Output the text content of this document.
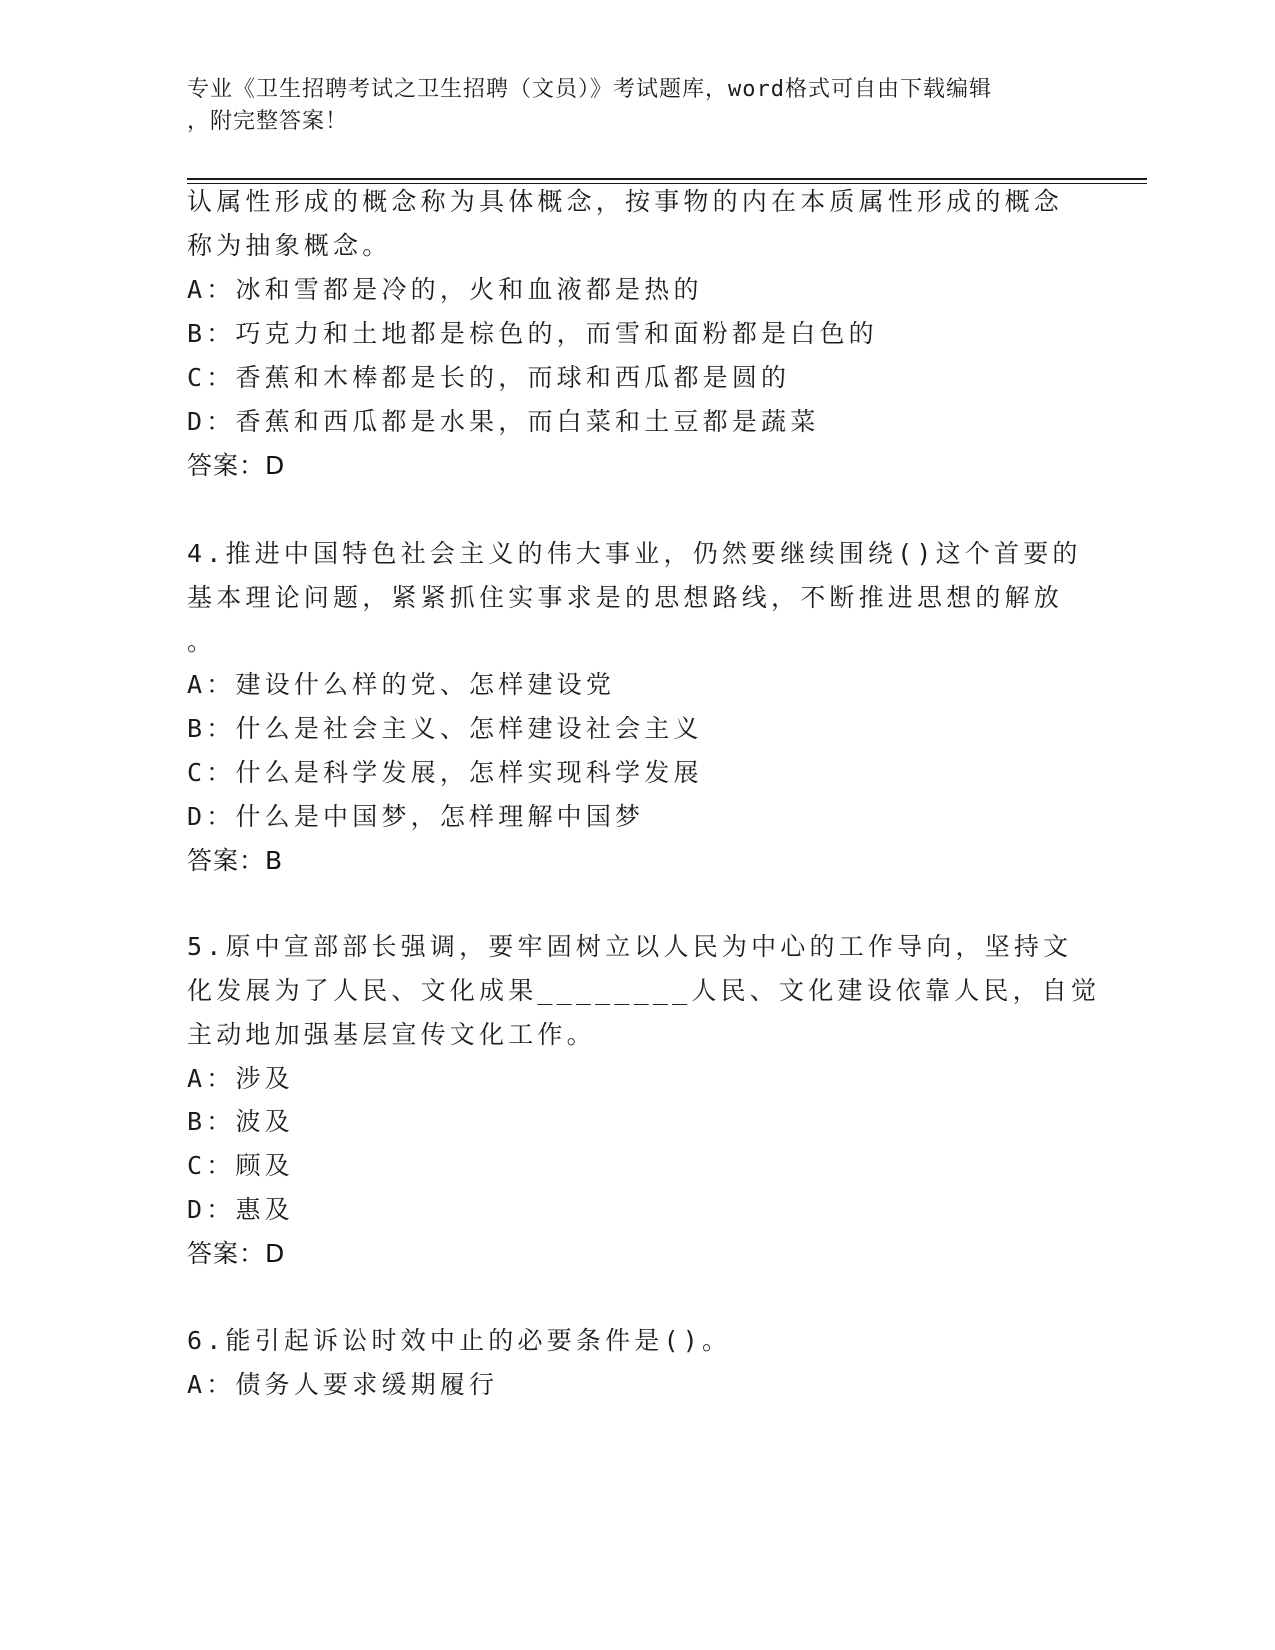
专业《卫生招聘考试之卫生招聘（文员）》考试题库，word格式可自由下载编辑
，附完整答案！
认属性形成的概念称为具体概念，按事物的内在本质属性形成的概念
称为抽象概念。
A：冰和雪都是冷的，火和血液都是热的
B：巧克力和土地都是棕色的，而雪和面粉都是白色的
C：香蕉和木棒都是长的，而球和西瓜都是圆的
D：香蕉和西瓜都是水果，而白菜和土豆都是蔬菜
答案：D
4.推进中国特色社会主义的伟大事业，仍然要继续围绕()这个首要的
基本理论问题，紧紧抓住实事求是的思想路线，不断推进思想的解放
。
A：建设什么样的党、怎样建设党
B：什么是社会主义、怎样建设社会主义
C：什么是科学发展，怎样实现科学发展
D：什么是中国梦，怎样理解中国梦
答案：B
5.原中宣部部长强调，要牢固树立以人民为中心的工作导向，坚持文
化发展为了人民、文化成果________人民、文化建设依靠人民，自觉
主动地加强基层宣传文化工作。
A：涉及
B：波及
C：顾及
D：惠及
答案：D
6.能引起诉讼时效中止的必要条件是()。
A：债务人要求缓期履行
